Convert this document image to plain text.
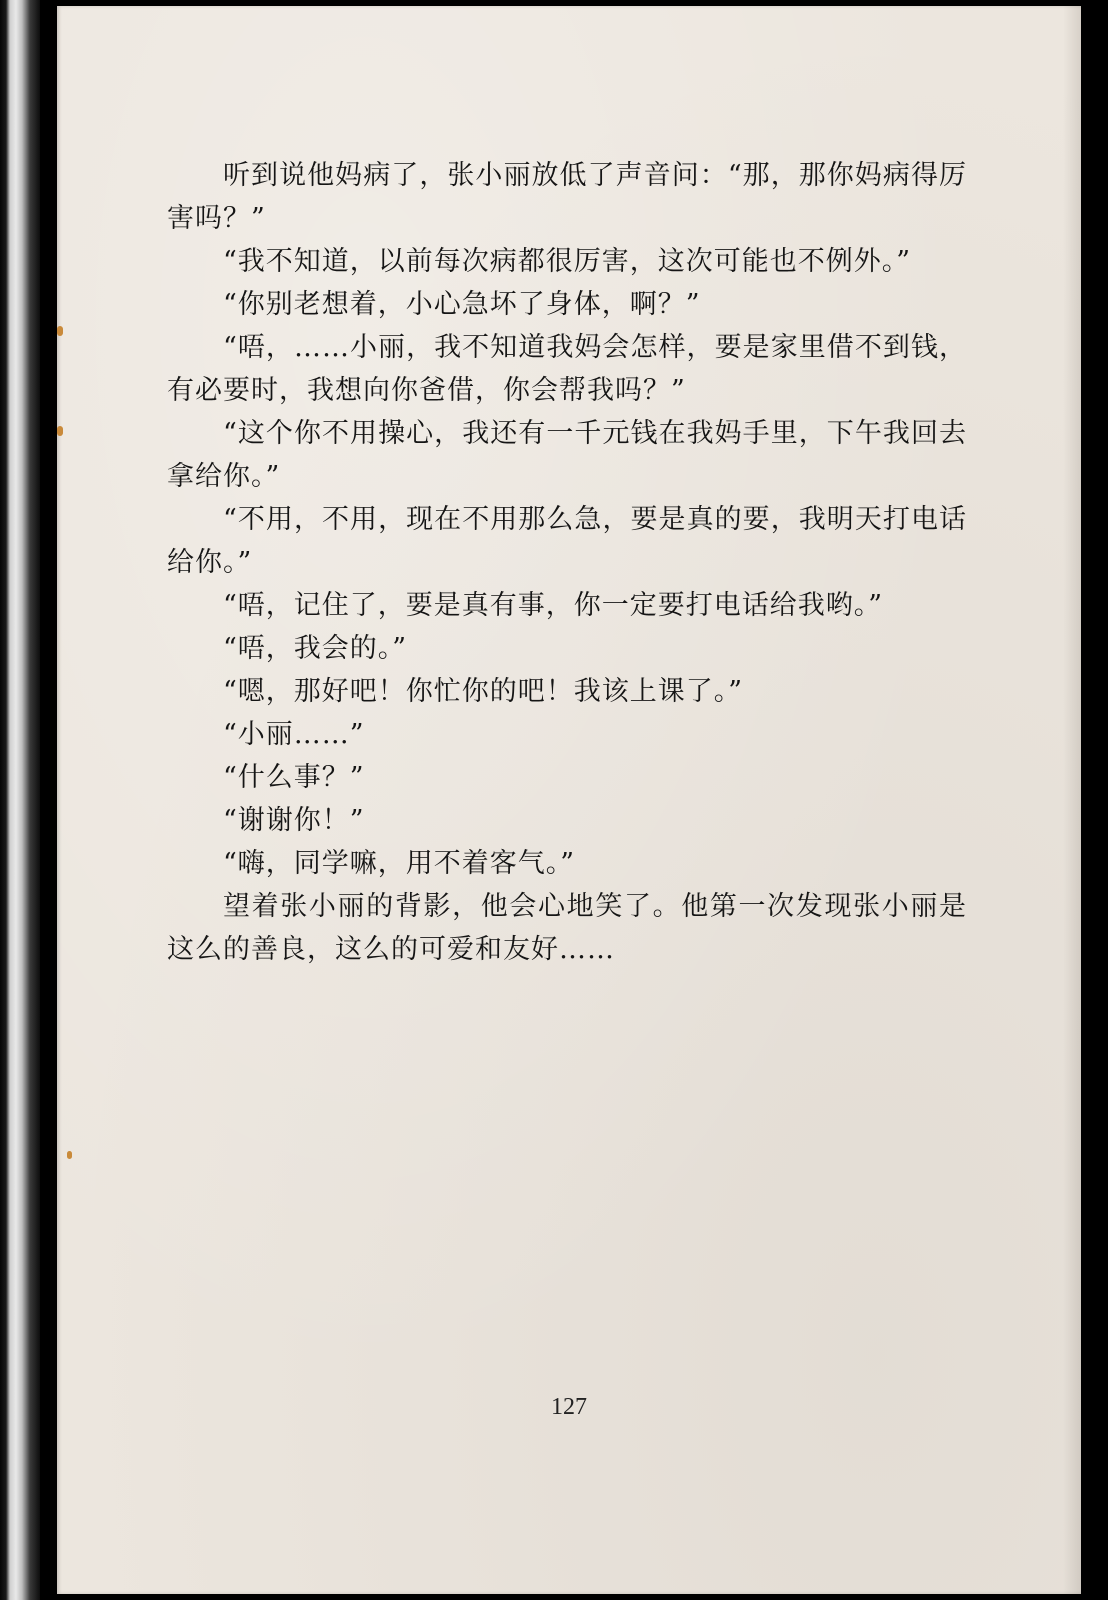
听到说他妈病了，张小丽放低了声音问：“那，那你妈病得厉害吗？”

“我不知道，以前每次病都很厉害，这次可能也不例外。”

“你别老想着，小心急坏了身体，啊？”

“唔，……小丽，我不知道我妈会怎样，要是家里借不到钱，有必要时，我想向你爸借，你会帮我吗？”

“这个你不用操心，我还有一千元钱在我妈手里，下午我回去拿给你。”

“不用，不用，现在不用那么急，要是真的要，我明天打电话给你。”

“唔，记住了，要是真有事，你一定要打电话给我哟。”

“唔，我会的。”

“嗯，那好吧！你忙你的吧！我该上课了。”

“小丽……”

“什么事？”

“谢谢你！”

“嗨，同学嘛，用不着客气。”

望着张小丽的背影，他会心地笑了。他第一次发现张小丽是这么的善良，这么的可爱和友好……

127
